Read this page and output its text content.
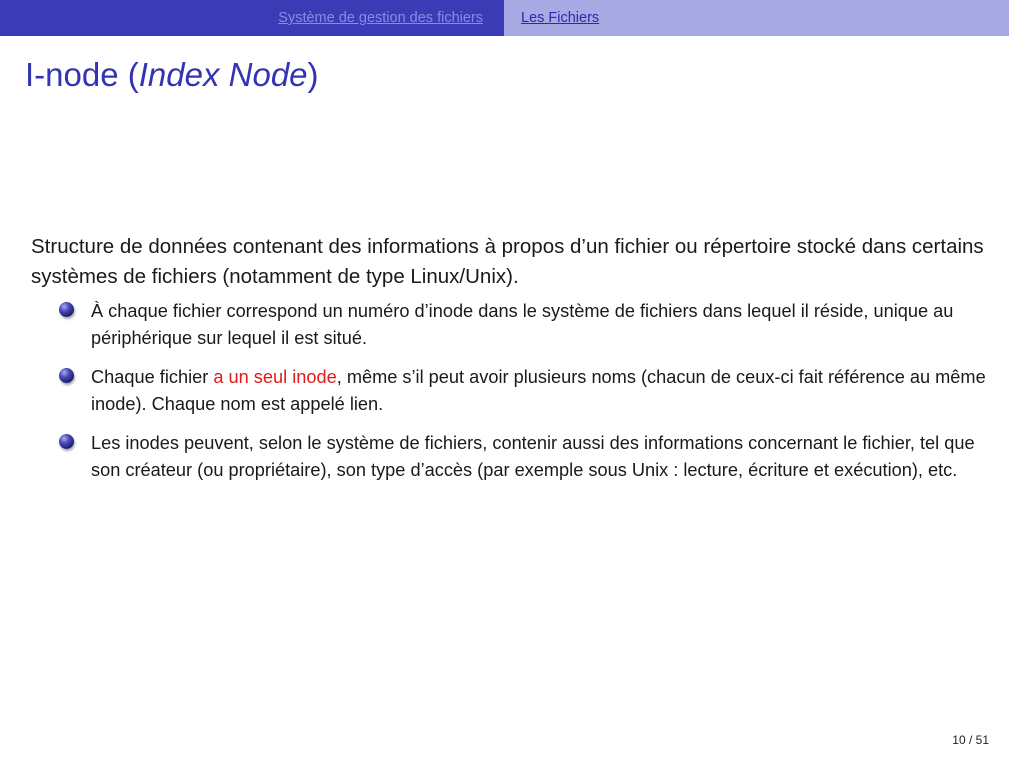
Système de gestion des fichiers	Les Fichiers
I-node (Index Node)

Structure de données contenant des informations à propos d’un fichier ou répertoire stocké dans certains systèmes de fichiers (notamment de type Linux/Unix).

À chaque fichier correspond un numéro d’inode dans le système de fichiers dans lequel il réside, unique au périphérique sur lequel il est situé.
Chaque fichier a un seul inode, même s’il peut avoir plusieurs noms (chacun de ceux-ci fait référence au même inode). Chaque nom est appelé lien.
Les inodes peuvent, selon le système de fichiers, contenir aussi des informations concernant le fichier, tel que son créateur (ou propriétaire), son type d’accès (par exemple sous Unix : lecture, écriture et exécution), etc.
10 / 51
